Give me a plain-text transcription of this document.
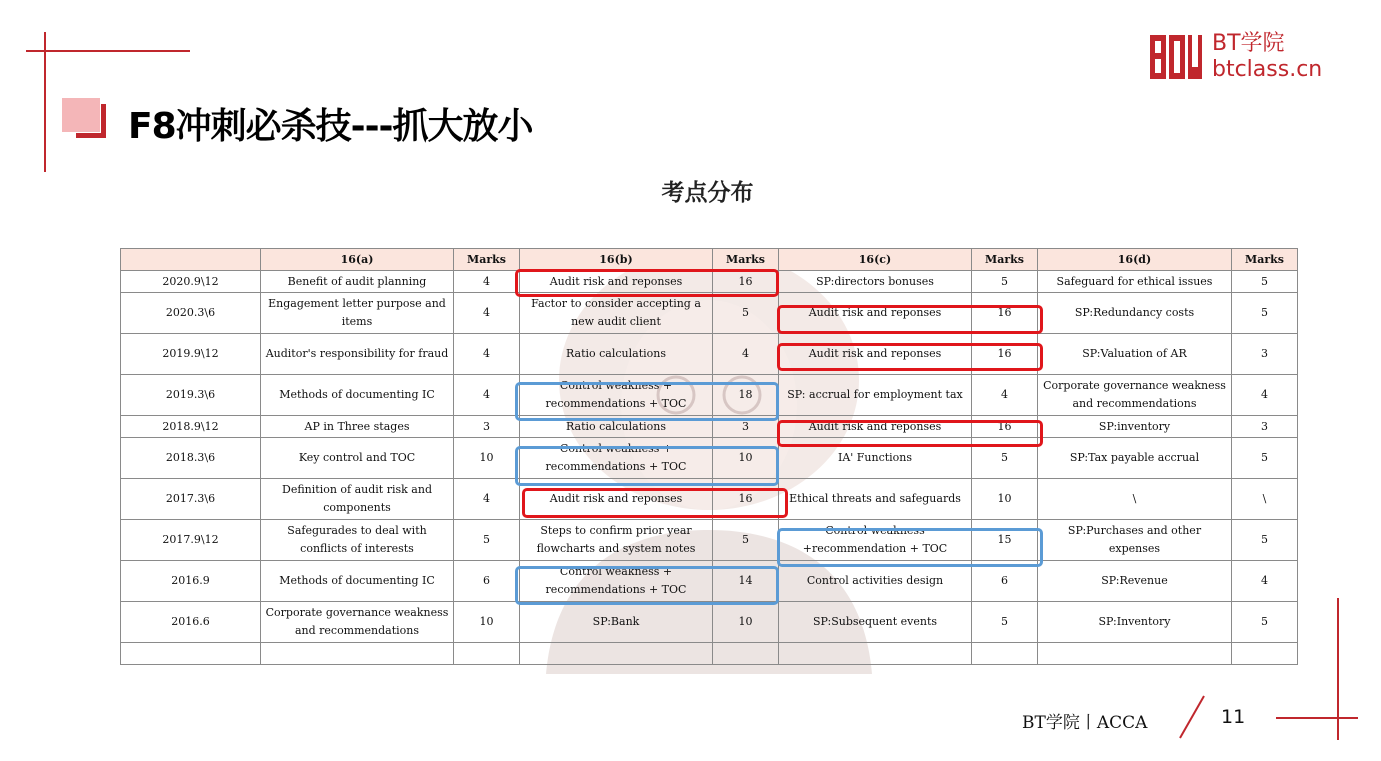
BT学院
btclass.cn
F8冲刺必杀技---抓大放小
考点分布
	16(a)	Marks	16(b)	Marks	16(c)	Marks	16(d)	Marks
2020.9\12	Benefit of audit planning	4	Audit risk and reponses	16	SP:directors bonuses	5	Safeguard for ethical issues	5
2020.3\6	Engagement letter purpose and items	4	Factor to consider accepting a new audit client	5	Audit risk and reponses	16	SP:Redundancy costs	5
2019.9\12	Auditor's responsibility for fraud	4	Ratio calculations	4	Audit risk and reponses	16	SP:Valuation of AR	3
2019.3\6	Methods of documenting IC	4	Control weakness + recommendations + TOC	18	SP: accrual for employment tax	4	Corporate governance weakness and recommendations	4
2018.9\12	AP in Three stages	3	Ratio calculations	3	Audit risk and reponses	16	SP:inventory	3
2018.3\6	Key control and TOC	10	Control weakness + recommendations + TOC	10	IA' Functions	5	SP:Tax payable accrual	5
2017.3\6	Definition of audit risk and components	4	Audit risk and reponses	16	Ethical threats and safeguards	10	\	\
2017.9\12	Safegurades to deal with conflicts of interests	5	Steps to confirm prior year flowcharts and system notes	5	Control weakness +recommendation + TOC	15	SP:Purchases and other expenses	5
2016.9	Methods of documenting IC	6	Control weakness + recommendations + TOC	14	Control activities design	6	SP:Revenue	4
2016.6	Corporate governance weakness and recommendations	10	SP:Bank	10	SP:Subsequent events	5	SP:Inventory	5

BT学院丨ACCA	11
